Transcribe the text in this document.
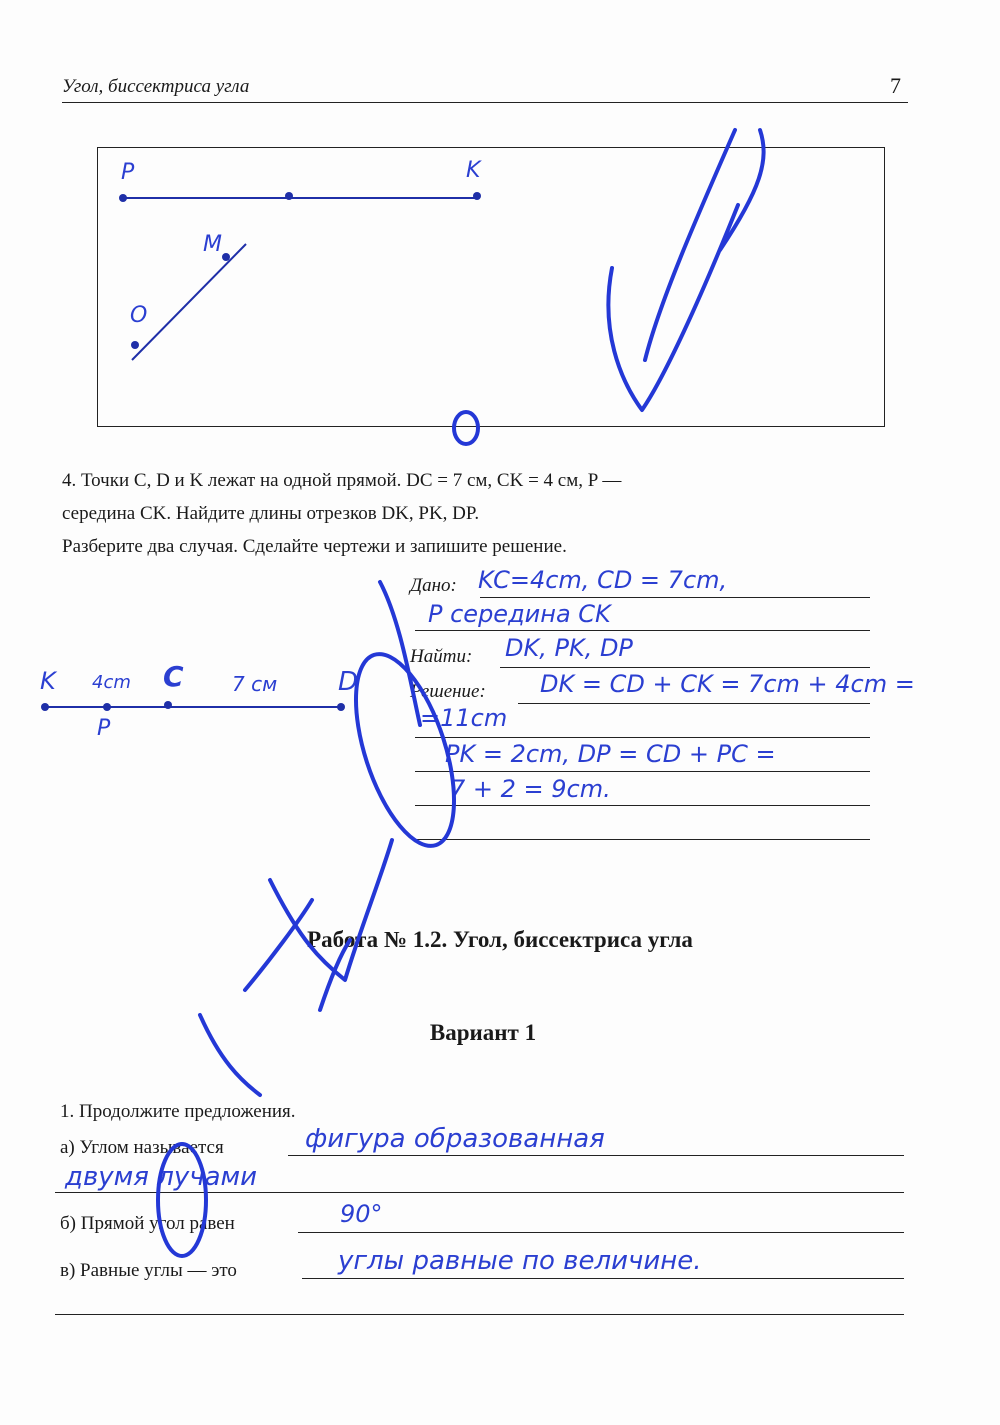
Угол, биссектриса угла	7
P	K
M
O
4. Точки C, D и K лежат на одной прямой. DC = 7 см, CK = 4 см, P —
середина CK. Найдите длины отрезков DK, PK, DP.
Разберите два случая. Сделайте чертежи и запишите решение.
Дано:
Найти:
Решение:
KC=4cm, CD = 7cm,
P середина CK
DK, PK, DP
DK = CD + CK = 7cm + 4cm =
=11cm
PK = 2cm, DP = CD + PC =
7 + 2 = 9cm.
K 4cm C 7 см D
P
Работа № 1.2. Угол, биссектриса угла
Вариант 1
1. Продолжите предложения.
а) Углом называется
б) Прямой угол равен
в) Равные углы — это
фигура образованная
двумя лучами
90°
углы равные по величине.
